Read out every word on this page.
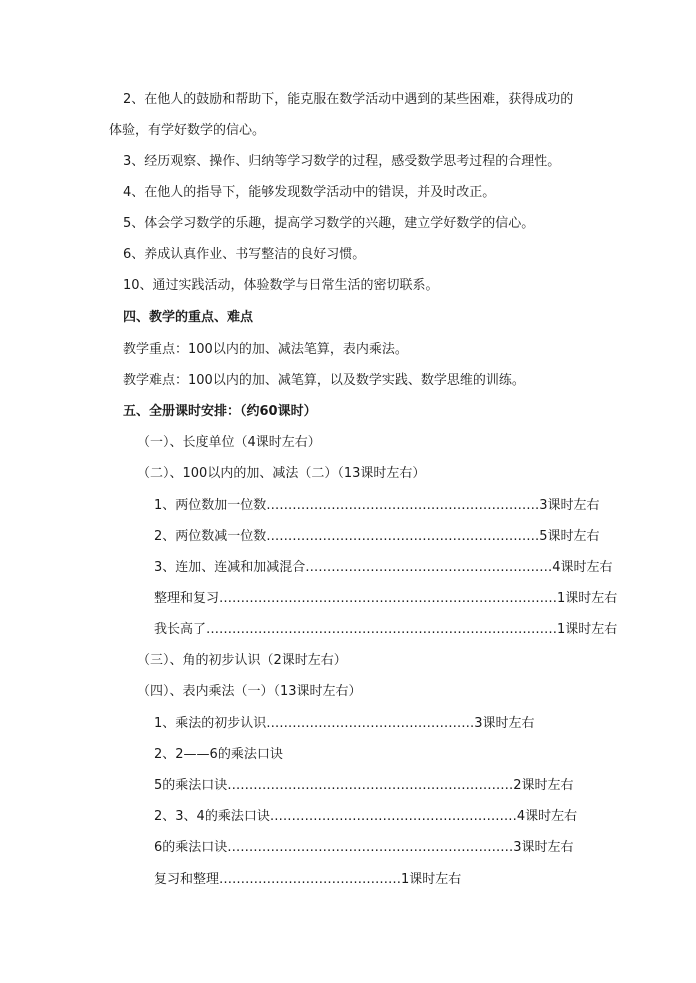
2、在他人的鼓励和帮助下，能克服在数学活动中遇到的某些困难，获得成功的

体验，有学好数学的信心。

3、经历观察、操作、归纳等学习数学的过程，感受数学思考过程的合理性。

4、在他人的指导下，能够发现数学活动中的错误，并及时改正。

5、体会学习数学的乐趣，提高学习数学的兴趣，建立学好数学的信心。

6、养成认真作业、书写整洁的良好习惯。

10、通过实践活动，体验数学与日常生活的密切联系。

四、教学的重点、难点

教学重点：100以内的加、减法笔算，表内乘法。

教学难点：100以内的加、减笔算，以及数学实践、数学思维的训练。

五、全册课时安排：（约60课时）

（一）、长度单位（4课时左右）

（二）、100以内的加、减法（二）（13课时左右）

1、两位数加一位数………………………………………………………3课时左右

2、两位数减一位数………………………………………………………5课时左右

3、连加、连减和加减混合…………………………………………………4课时左右

整理和复习……………………………………………………………………1课时左右

我长高了………………………………………………………………………1课时左右

（三）、角的初步认识（2课时左右）

（四）、表内乘法（一）（13课时左右）

1、乘法的初步认识…………………………………………3课时左右

2、2——6的乘法口诀

5的乘法口诀…………………………………………………………2课时左右

2、3、4的乘法口诀…………………………………………………4课时左右

6的乘法口诀…………………………………………………………3课时左右

复习和整理……………………………………1课时左右
